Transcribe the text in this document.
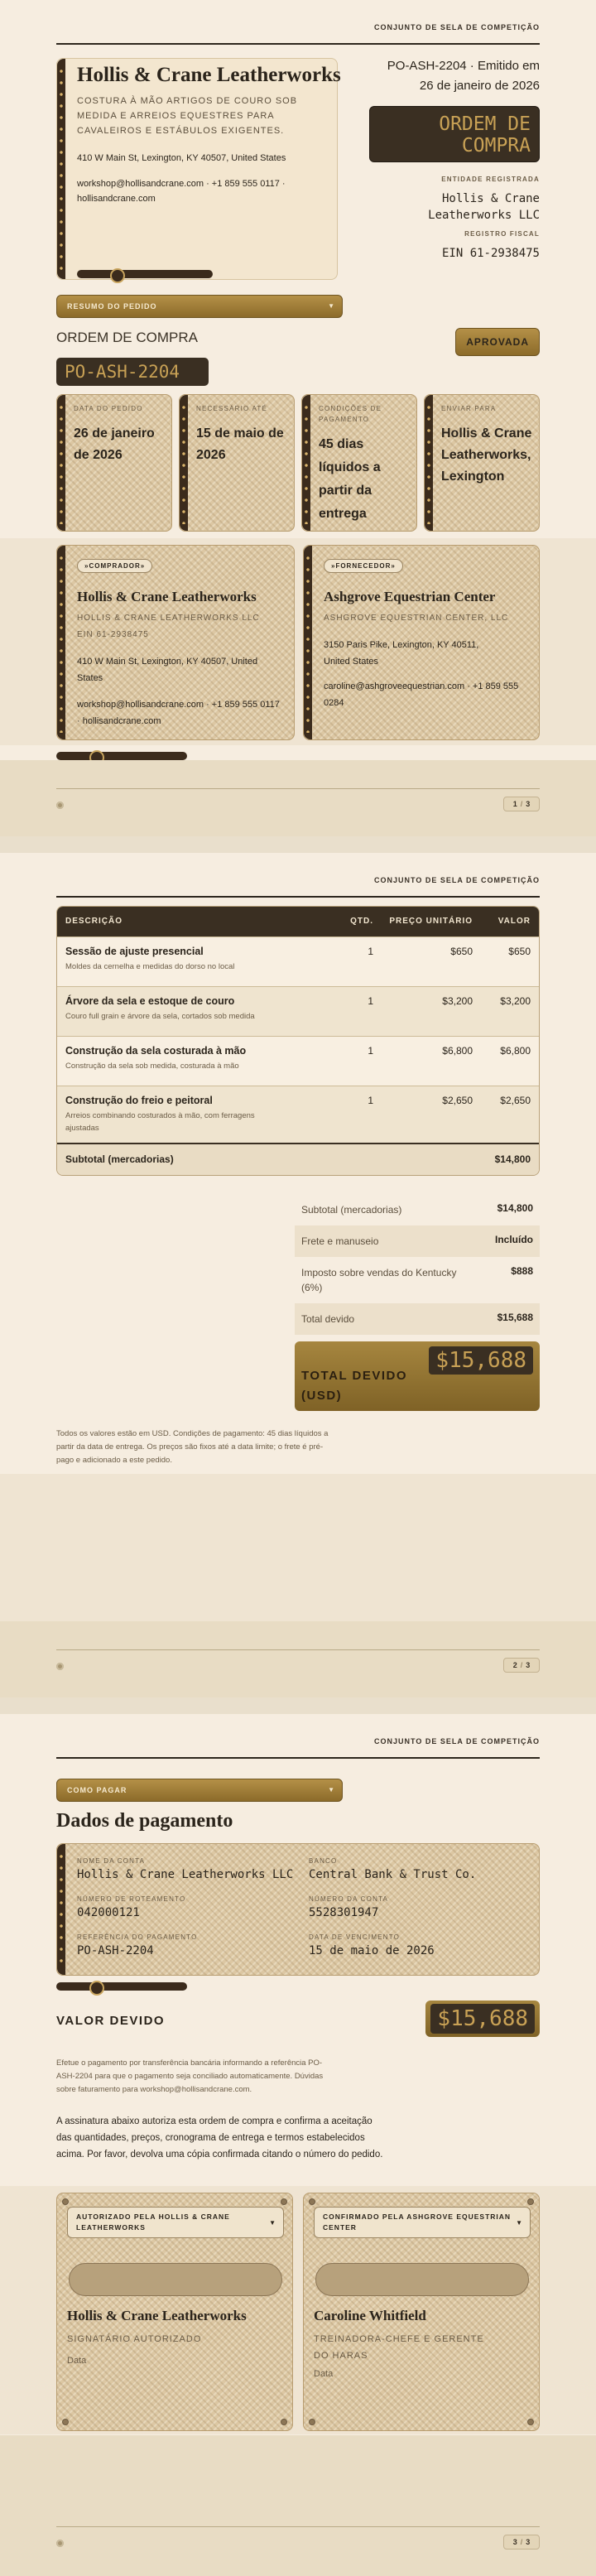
CONJUNTO DE SELA DE COMPETIÇÃO
Hollis & Crane Leatherworks
COSTURA À MÃO ARTIGOS DE COURO SOB MEDIDA E ARREIOS EQUESTRES PARA CAVALEIROS E ESTÁBULOS EXIGENTES.
410 W Main St, Lexington, KY 40507, United States
workshop@hollisandcrane.com · +1 859 555 0117 · hollisandcrane.com
PO-ASH-2204 · Emitido em 26 de janeiro de 2026
ORDEM DE COMPRA
ENTIDADE REGISTRADA
Hollis & Crane Leatherworks LLC
REGISTRO FISCAL
EIN 61-2938475
RESUMO DO PEDIDO	▼
ORDEM DE COMPRA	APROVADA
PO-ASH-2204
DATA DO PEDIDO
26 de janeiro de 2026
NECESSÁRIO ATÉ
15 de maio de 2026
CONDIÇÕES DE PAGAMENTO
45 dias líquidos a partir da entrega
ENVIAR PARA
Hollis & Crane Leatherworks, Lexington
»COMPRADOR»
Hollis & Crane Leatherworks
HOLLIS & CRANE LEATHERWORKS LLC
EIN 61-2938475
410 W Main St, Lexington, KY 40507, United States
workshop@hollisandcrane.com · +1 859 555 0117 · hollisandcrane.com
»FORNECEDOR»
Ashgrove Equestrian Center
ASHGROVE EQUESTRIAN CENTER, LLC
3150 Paris Pike, Lexington, KY 40511, United States
caroline@ashgroveequestrian.com · +1 859 555 0284
1 / 3
CONJUNTO DE SELA DE COMPETIÇÃO
DESCRIÇÃO	QTD.	PREÇO UNITÁRIO	VALOR

Sessão de ajuste presencial
Moldes da cernelha e medidas do dorso no local	1	$650	$650

Árvore da sela e estoque de couro
Couro full grain e árvore da sela, cortados sob medida	1	$3,200	$3,200

Construção da sela costurada à mão
Construção da sela sob medida, costurada à mão	1	$6,800	$6,800

Construção do freio e peitoral
Arreios combinando costurados à mão, com ferragens ajustadas	1	$2,650	$2,650
Subtotal (mercadorias)			$14,800
Subtotal (mercadorias)	$14,800
Frete e manuseio	Incluído
Imposto sobre vendas do Kentucky (6%)
$888
Total devido	$15,688
TOTAL DEVIDO (USD)
$15,688
Todos os valores estão em USD. Condições de pagamento: 45 dias líquidos a partir da data de entrega. Os preços são fixos até a data limite; o frete é pré-pago e adicionado a este pedido.
2 / 3
CONJUNTO DE SELA DE COMPETIÇÃO
COMO PAGAR	▼
Dados de pagamento
NOME DA CONTA
Hollis & Crane Leatherworks LLC
BANCO
Central Bank & Trust Co.
NÚMERO DE ROTEAMENTO
042000121
NÚMERO DA CONTA
5528301947
REFERÊNCIA DO PAGAMENTO
PO-ASH-2204
DATA DE VENCIMENTO
15 de maio de 2026
VALOR DEVIDO	$15,688
Efetue o pagamento por transferência bancária informando a referência PO-ASH-2204 para que o pagamento seja conciliado automaticamente. Dúvidas sobre faturamento para workshop@hollisandcrane.com.
A assinatura abaixo autoriza esta ordem de compra e confirma a aceitação das quantidades, preços, cronograma de entrega e termos estabelecidos acima. Por favor, devolva uma cópia confirmada citando o número do pedido.
AUTORIZADO PELA HOLLIS & CRANE LEATHERWORKS
▼
Hollis & Crane Leatherworks
SIGNATÁRIO AUTORIZADO
Data
CONFIRMADO PELA ASHGROVE EQUESTRIAN CENTER
▼
Caroline Whitfield
TREINADORA-CHEFE E GERENTE DO HARAS
Data
3 / 3
